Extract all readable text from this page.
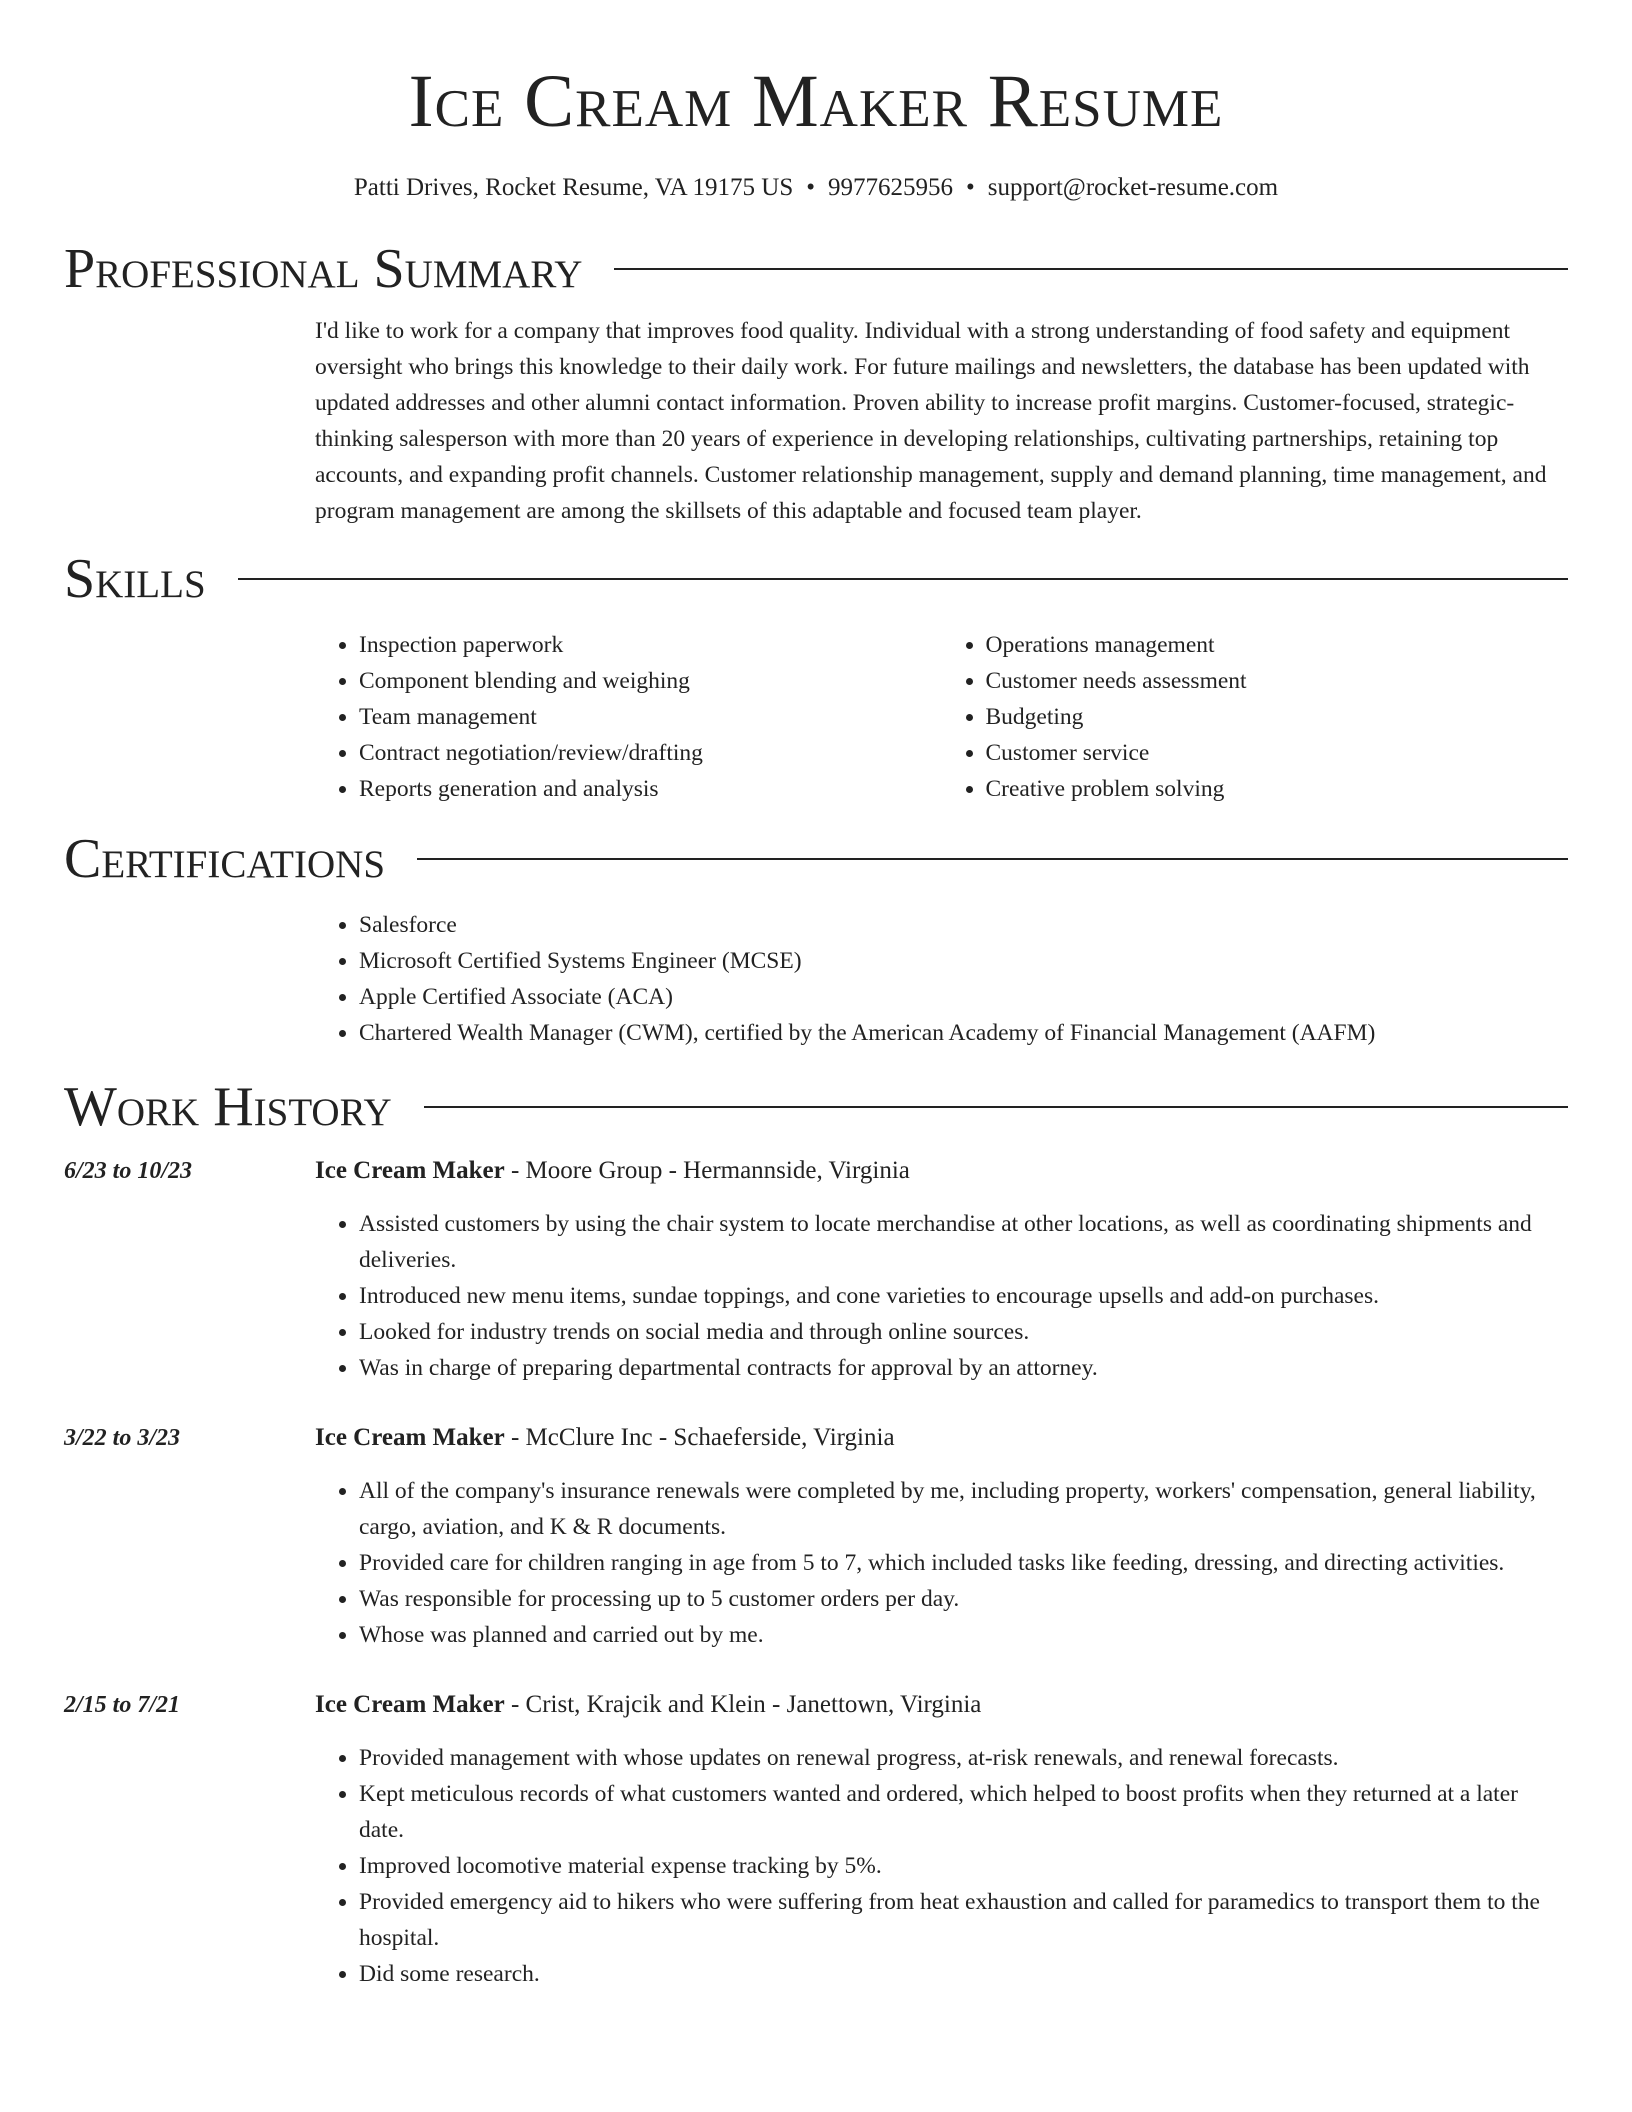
Ice Cream Maker Resume
Patti Drives, Rocket Resume, VA 19175 US • 9977625956 • support@rocket-resume.com
Professional Summary

I'd like to work for a company that improves food quality. Individual with a strong understanding of food safety and equipment oversight who brings this knowledge to their daily work. For future mailings and newsletters, the database has been updated with updated addresses and other alumni contact information. Proven ability to increase profit margins. Customer-focused, strategic-thinking salesperson with more than 20 years of experience in developing relationships, cultivating partnerships, retaining top accounts, and expanding profit channels. Customer relationship management, supply and demand planning, time management, and program management are among the skillsets of this adaptable and focused team player.

Skills
• Inspection paperwork
• Component blending and weighing
• Team management
• Contract negotiation/review/drafting
• Reports generation and analysis
• Operations management
• Customer needs assessment
• Budgeting
• Customer service
• Creative problem solving
Certifications
• Salesforce
• Microsoft Certified Systems Engineer (MCSE)
• Apple Certified Associate (ACA)
• Chartered Wealth Manager (CWM), certified by the American Academy of Financial Management (AAFM)
Work History
6/23 to 10/23	Ice Cream Maker - Moore Group - Hermannside, Virginia
• Assisted customers by using the chair system to locate merchandise at other locations, as well as coordinating shipments and deliveries.
• Introduced new menu items, sundae toppings, and cone varieties to encourage upsells and add-on purchases.
• Looked for industry trends on social media and through online sources.
• Was in charge of preparing departmental contracts for approval by an attorney.
3/22 to 3/23	Ice Cream Maker - McClure Inc - Schaeferside, Virginia
• All of the company's insurance renewals were completed by me, including property, workers' compensation, general liability, cargo, aviation, and K & R documents.
• Provided care for children ranging in age from 5 to 7, which included tasks like feeding, dressing, and directing activities.
• Was responsible for processing up to 5 customer orders per day.
• Whose was planned and carried out by me.
2/15 to 7/21	Ice Cream Maker - Crist, Krajcik and Klein - Janettown, Virginia
• Provided management with whose updates on renewal progress, at-risk renewals, and renewal forecasts.
• Kept meticulous records of what customers wanted and ordered, which helped to boost profits when they returned at a later date.
• Improved locomotive material expense tracking by 5%.
• Provided emergency aid to hikers who were suffering from heat exhaustion and called for paramedics to transport them to the hospital.
• Did some research.
